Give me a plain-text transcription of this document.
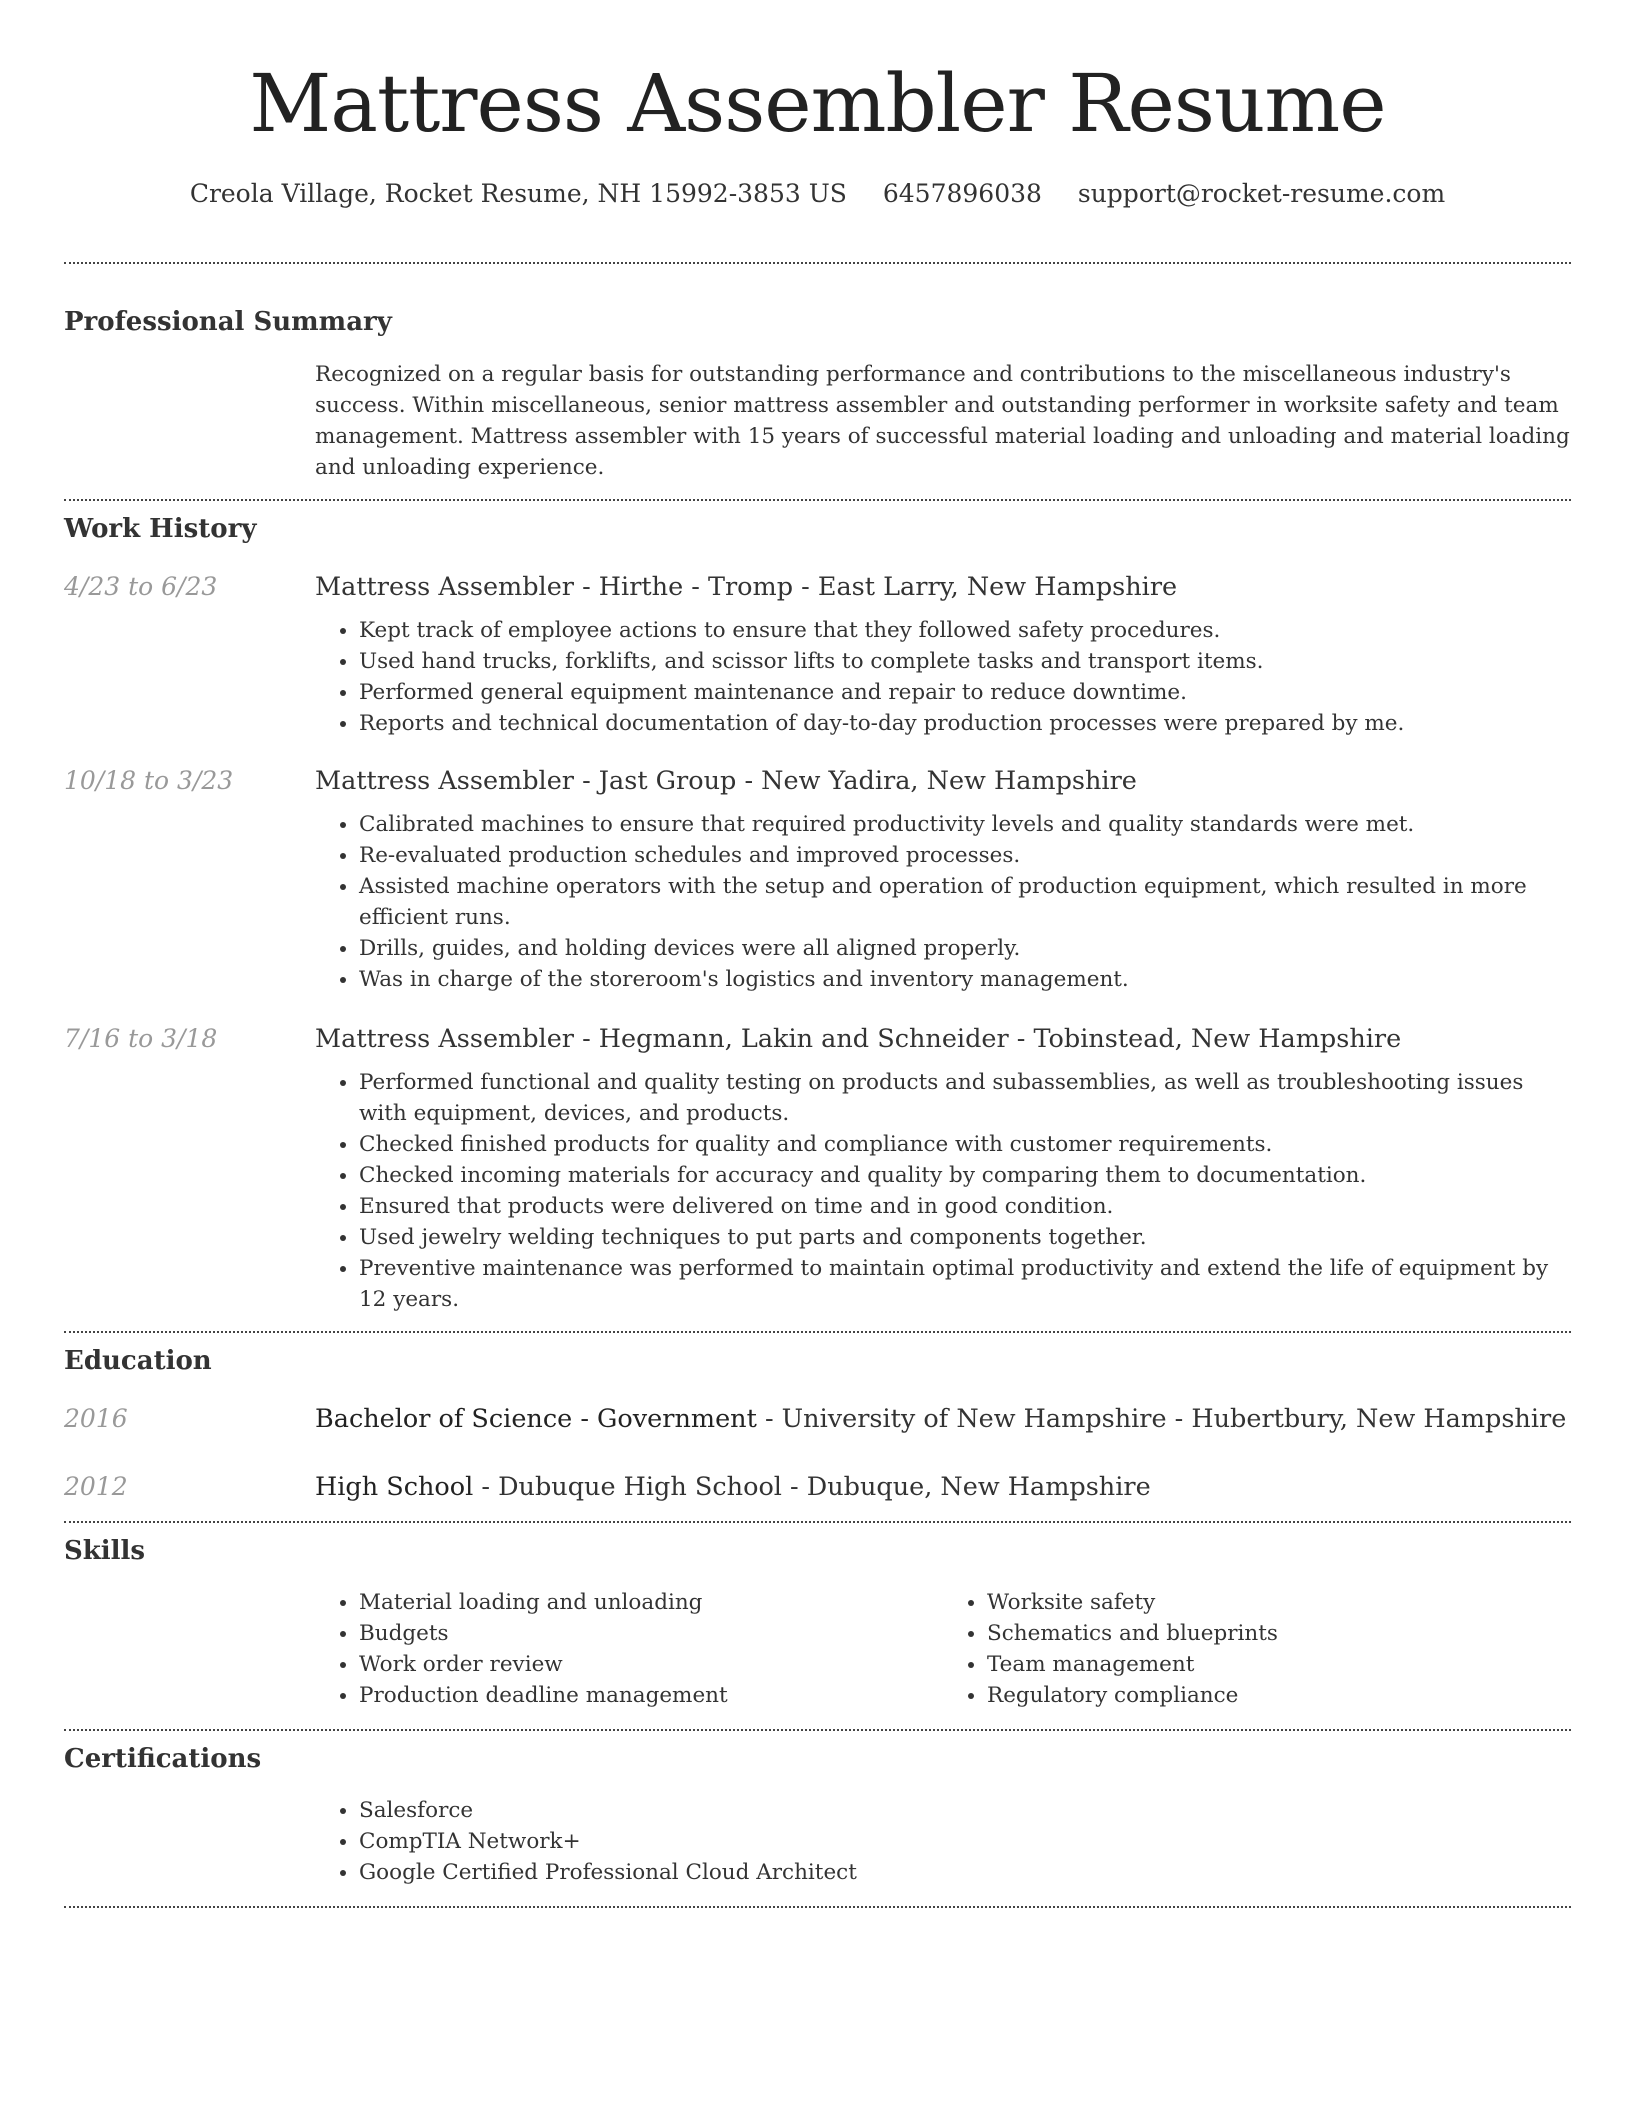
Mattress Assembler Resume
Creola Village, Rocket Resume, NH 15992-3853 US 6457896038 support@rocket-resume.com
Professional Summary

Recognized on a regular basis for outstanding performance and contributions to the miscellaneous industry's success. Within miscellaneous, senior mattress assembler and outstanding performer in worksite safety and team management. Mattress assembler with 15 years of successful material loading and unloading and material loading and unloading experience.

Work History
4/23 to 6/23	Mattress Assembler - Hirthe - Tromp - East Larry, New Hampshire
• Kept track of employee actions to ensure that they followed safety procedures.
• Used hand trucks, forklifts, and scissor lifts to complete tasks and transport items.
• Performed general equipment maintenance and repair to reduce downtime.
• Reports and technical documentation of day-to-day production processes were prepared by me.
10/18 to 3/23	Mattress Assembler - Jast Group - New Yadira, New Hampshire
• Calibrated machines to ensure that required productivity levels and quality standards were met.
• Re-evaluated production schedules and improved processes.
• Assisted machine operators with the setup and operation of production equipment, which resulted in more efficient runs.
• Drills, guides, and holding devices were all aligned properly.
• Was in charge of the storeroom's logistics and inventory management.
7/16 to 3/18	Mattress Assembler - Hegmann, Lakin and Schneider - Tobinstead, New Hampshire
• Performed functional and quality testing on products and subassemblies, as well as troubleshooting issues with equipment, devices, and products.
• Checked finished products for quality and compliance with customer requirements.
• Checked incoming materials for accuracy and quality by comparing them to documentation.
• Ensured that products were delivered on time and in good condition.
• Used jewelry welding techniques to put parts and components together.
• Preventive maintenance was performed to maintain optimal productivity and extend the life of equipment by 12 years.
Education
2016	Bachelor of Science - Government - University of New Hampshire - Hubertbury, New Hampshire
2012	High School - Dubuque High School - Dubuque, New Hampshire
Skills
• Material loading and unloading
• Budgets
• Work order review
• Production deadline management
• Worksite safety
• Schematics and blueprints
• Team management
• Regulatory compliance
Certifications
• Salesforce
• CompTIA Network+
• Google Certified Professional Cloud Architect
